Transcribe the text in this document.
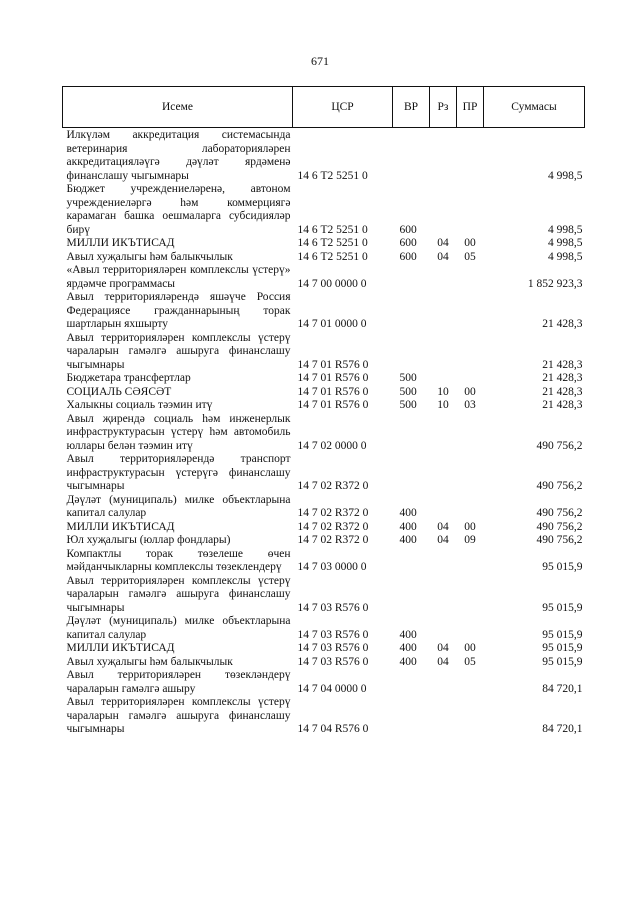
671
Исеме	ЦСР	ВР	Рз	ПР	Суммасы
Илкүләм аккредитация системасында ветеринария лабораторияләрен аккредитацияләүгә дәүләт ярдәменә финанслашу чыгымнары	14 6 Т2 5251 0				4 998,5
Бюджет учреждениеләренә, автоном учреждениеләргә һәм коммерциягә карамаган башка оешмаларга субсидияләр бирү	14 6 Т2 5251 0	600			4 998,5
МИЛЛИ ИКЪТИСАД	14 6 Т2 5251 0	600	04	00	4 998,5
Авыл хуҗалыгы һәм балыкчылык	14 6 Т2 5251 0	600	04	05	4 998,5
«Авыл территорияләрен комплекслы үстерү» ярдәмче программасы	14 7 00 0000 0				1 852 923,3
Авыл территорияләрендә яшәүче Россия Федерациясе гражданнарының торак шартларын яхшырту	14 7 01 0000 0				21 428,3
Авыл территорияләрен комплекслы үстерү чараларын гамәлгә ашыруга финанслашу чыгымнары	14 7 01 R576 0				21 428,3
Бюджетара трансфертлар	14 7 01 R576 0	500			21 428,3
СОЦИАЛЬ СӘЯСӘТ	14 7 01 R576 0	500	10	00	21 428,3
Халыкны социаль тәэмин итү	14 7 01 R576 0	500	10	03	21 428,3
Авыл җирендә социаль һәм инженерлык инфраструктурасын үстерү һәм автомобиль юллары белән тәэмин итү	14 7 02 0000 0				490 756,2
Авыл территорияләрендә транспорт инфраструктурасын үстерүгә финанслашу чыгымнары	14 7 02 R372 0				490 756,2
Дәүләт (муниципаль) милке объектларына капитал салулар	14 7 02 R372 0	400			490 756,2
МИЛЛИ ИКЪТИСАД	14 7 02 R372 0	400	04	00	490 756,2
Юл хуҗалыгы (юллар фондлары)	14 7 02 R372 0	400	04	09	490 756,2
Компактлы торак төзелеше өчен мәйданчыкларны комплекслы төзеклендерү	14 7 03 0000 0				95 015,9
Авыл территорияләрен комплекслы үстерү чараларын гамәлгә ашыруга финанслашу чыгымнары	14 7 03 R576 0				95 015,9
Дәүләт (муниципаль) милке объектларына капитал салулар	14 7 03 R576 0	400			95 015,9
МИЛЛИ ИКЪТИСАД	14 7 03 R576 0	400	04	00	95 015,9
Авыл хуҗалыгы һәм балыкчылык	14 7 03 R576 0	400	04	05	95 015,9
Авыл территорияләрен төзекләндерү чараларын гамәлгә ашыру	14 7 04 0000 0				84 720,1
Авыл территорияләрен комплекслы үстерү чараларын гамәлгә ашыруга финанслашу чыгымнары	14 7 04 R576 0				84 720,1
